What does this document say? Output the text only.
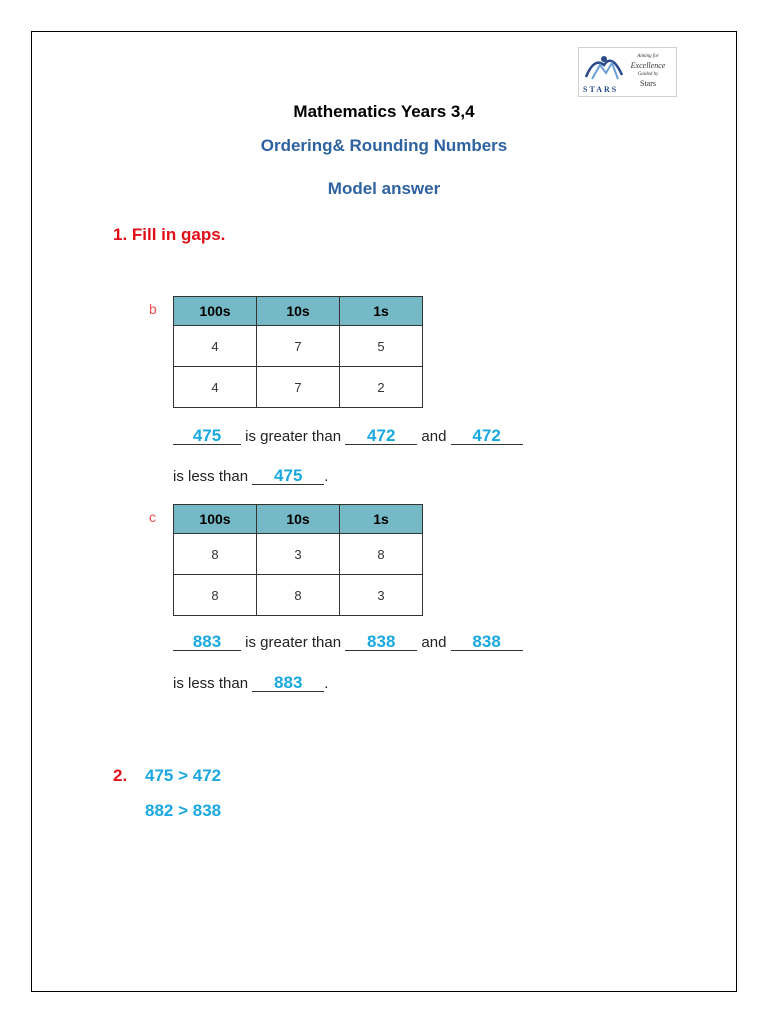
STARS
Aiming for
Excellence
Guided by
Stars
Mathematics Years 3,4
Ordering& Rounding Numbers
Model answer
1. Fill in gaps.
b	100s	10s	1s
4	7	5
4	7	2
475 is greater than 472 and 472
is less than 475 .
c	100s	10s	1s
8	3	8
8	8	3
883 is greater than 838 and 838
is less than 883 .
2. 475 > 472
882 > 838
